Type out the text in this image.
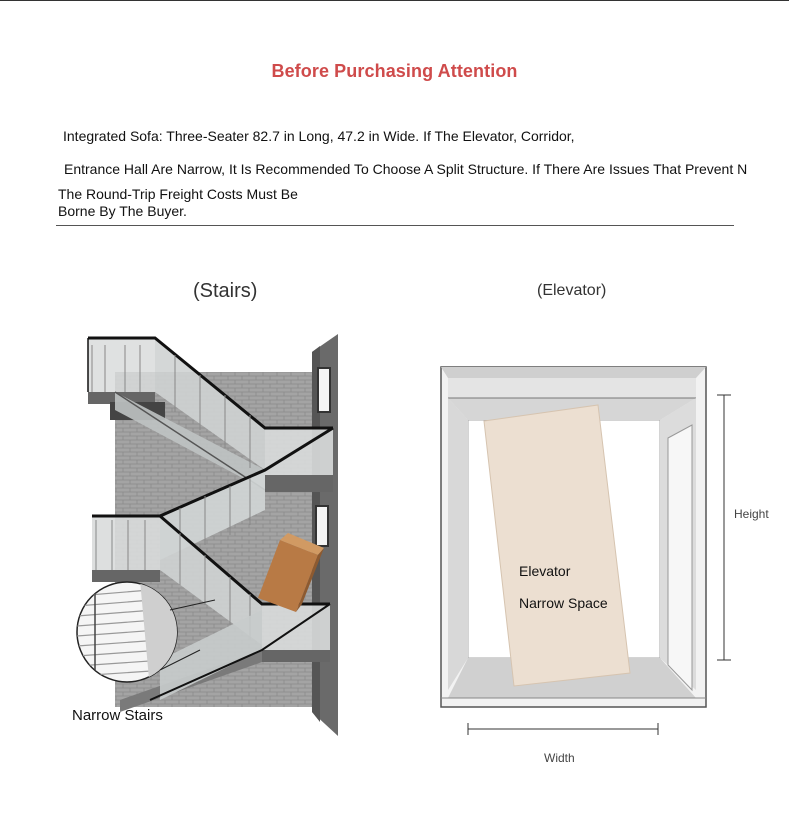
Before Purchasing Attention
Integrated Sofa: Three-Seater 82.7 in Long, 47.2 in Wide. If The Elevator, Corridor,
Entrance Hall Are Narrow, It Is Recommended To Choose A Split Structure. If There Are Issues That Prevent N
The Round-Trip Freight Costs Must Be
Borne By The Buyer.
(Stairs)	(Elevator)
Narrow Stairs
Elevator
Narrow Space
Height
Width
